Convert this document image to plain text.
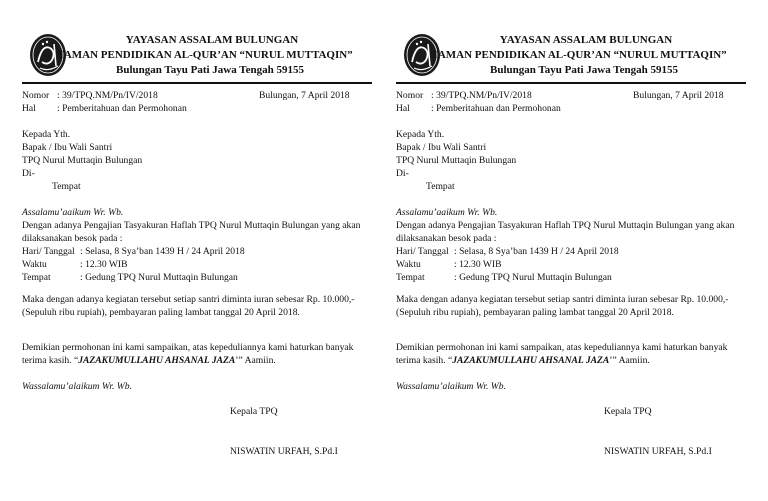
YAYASAN ASSALAM BULUNGAN
TAMAN PENDIDIKAN AL-QUR’AN “NURUL MUTTAQIN”
Bulungan Tayu Pati Jawa Tengah 59155
Nomor : 39/TPQ.NM/Pn/IV/2018	Bulungan, 7 April 2018
Hal : Pemberitahuan dan Permohonan
Kepada Yth.
Bapak / Ibu Wali Santri
TPQ Nurul Muttaqin Bulungan
Di-
Tempat
Assalamu’aaikum Wr. Wb.
Dengan adanya Pengajian Tasyakuran Haflah TPQ Nurul Muttaqin Bulungan yang akan
dilaksanakan besok pada :
Hari/ Tanggal : Selasa, 8 Sya’ban 1439 H / 24 April 2018
Waktu	: 12.30 WIB
Tempat	: Gedung TPQ Nurul Muttaqin Bulungan
Maka dengan adanya kegiatan tersebut setiap santri diminta iuran sebesar Rp. 10.000,-
(Sepuluh ribu rupiah), pembayaran paling lambat tanggal 20 April 2018.
Demikian permohonan ini kami sampaikan, atas kepeduliannya kami haturkan banyak
terima kasih. “JAZAKUMULLAHU AHSANAL JAZA’” Aamiin.
Wassalamu’alaikum Wr. Wb.
Kepala TPQ
NISWATIN URFAH, S.Pd.I
YAYASAN ASSALAM BULUNGAN
TAMAN PENDIDIKAN AL-QUR’AN “NURUL MUTTAQIN”
Bulungan Tayu Pati Jawa Tengah 59155
Nomor : 39/TPQ.NM/Pn/IV/2018	Bulungan, 7 April 2018
Hal : Pemberitahuan dan Permohonan
Kepada Yth.
Bapak / Ibu Wali Santri
TPQ Nurul Muttaqin Bulungan
Di-
Tempat
Assalamu’aaikum Wr. Wb.
Dengan adanya Pengajian Tasyakuran Haflah TPQ Nurul Muttaqin Bulungan yang akan
dilaksanakan besok pada :
Hari/ Tanggal : Selasa, 8 Sya’ban 1439 H / 24 April 2018
Waktu	: 12.30 WIB
Tempat	: Gedung TPQ Nurul Muttaqin Bulungan
Maka dengan adanya kegiatan tersebut setiap santri diminta iuran sebesar Rp. 10.000,-
(Sepuluh ribu rupiah), pembayaran paling lambat tanggal 20 April 2018.
Demikian permohonan ini kami sampaikan, atas kepeduliannya kami haturkan banyak
terima kasih. “JAZAKUMULLAHU AHSANAL JAZA’” Aamiin.
Wassalamu’alaikum Wr. Wb.
Kepala TPQ
NISWATIN URFAH, S.Pd.I
